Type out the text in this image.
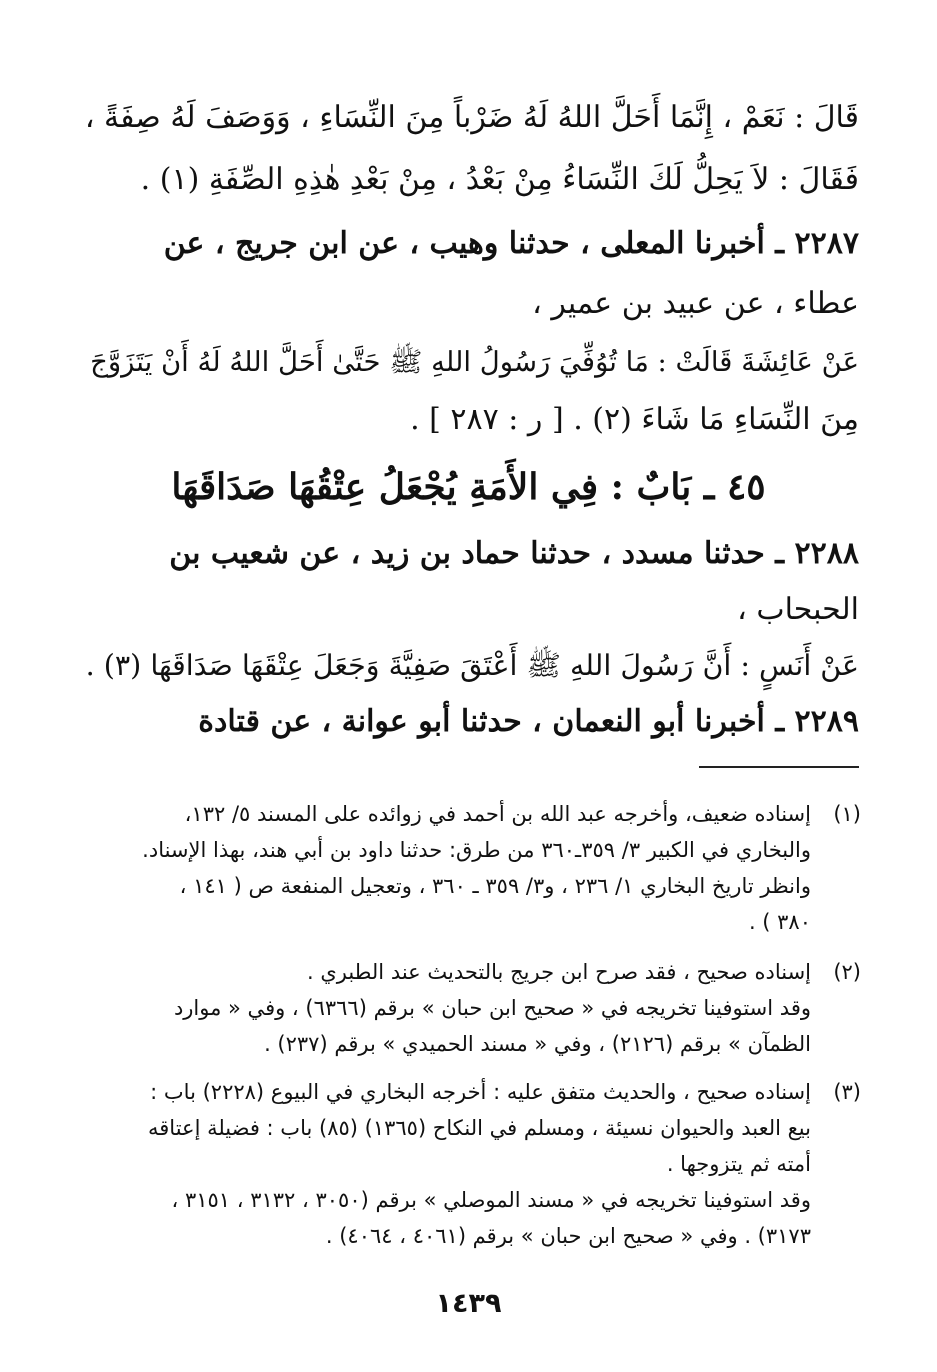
قَالَ : نَعَمْ ، إِنَّمَا أَحَلَّ اللهُ لَهُ ضَرْباً مِنَ النِّسَاءِ ، وَوَصَفَ لَهُ صِفَةً ،
فَقَالَ : لاَ يَحِلُّ لَكَ النِّسَاءُ مِنْ بَعْدُ ، مِنْ بَعْدِ هٰذِهِ الصِّفَةِ (١) .
٢٢٨٧ ـ أخبرنا المعلى ، حدثنا وهيب ، عن ابن جريج ، عن
عطاء ، عن عبيد بن عمير ،
عَنْ عَائِشَةَ قَالَتْ : مَا تُوُفِّيَ رَسُولُ اللهِ ﷺ حَتَّىٰ أَحَلَّ اللهُ لَهُ أَنْ يَتَزَوَّجَ
مِنَ النِّسَاءِ مَا شَاءَ (٢) . [ ر : ٢٨٧ ] .
٤٥ ـ بَابٌ : فِي الأَمَةِ يُجْعَلُ عِتْقُهَا صَدَاقَهَا
٢٢٨٨ ـ حدثنا مسدد ، حدثنا حماد بن زيد ، عن شعيب بن
الحبحاب ،
عَنْ أَنَسٍ : أَنَّ رَسُولَ اللهِ ﷺ أَعْتَقَ صَفِيَّةَ وَجَعَلَ عِتْقَهَا صَدَاقَهَا (٣) .
٢٢٨٩ ـ أخبرنا أبو النعمان ، حدثنا أبو عوانة ، عن قتادة
(١)
إسناده ضعيف، وأخرجه عبد الله بن أحمد في زوائده على المسند ٥/ ١٣٢،
والبخاري في الكبير ٣/ ٣٥٩ـ٣٦٠ من طرق: حدثنا داود بن أبي هند، بهذا الإسناد.
وانظر تاريخ البخاري ١/ ٢٣٦ ، و٣/ ٣٥٩ ـ ٣٦٠ ، وتعجيل المنفعة ص ( ١٤١ ،
٣٨٠ ) .
(٢)
إسناده صحيح ، فقد صرح ابن جريج بالتحديث عند الطبري .
وقد استوفينا تخريجه في « صحيح ابن حبان » برقم (٦٣٦٦) ، وفي « موارد
الظمآن » برقم (٢١٢٦) ، وفي « مسند الحميدي » برقم (٢٣٧) .
(٣)
إسناده صحيح ، والحديث متفق عليه : أخرجه البخاري في البيوع (٢٢٢٨) باب :
بيع العبد والحيوان نسيئة ، ومسلم في النكاح (١٣٦٥) (٨٥) باب : فضيلة إعتاقه
أمته ثم يتزوجها .
وقد استوفينا تخريجه في « مسند الموصلي » برقم (٣٠٥٠ ، ٣١٣٢ ، ٣١٥١ ،
٣١٧٣) . وفي « صحيح ابن حبان » برقم (٤٠٦١ ، ٤٠٦٤) .
١٤٣٩
